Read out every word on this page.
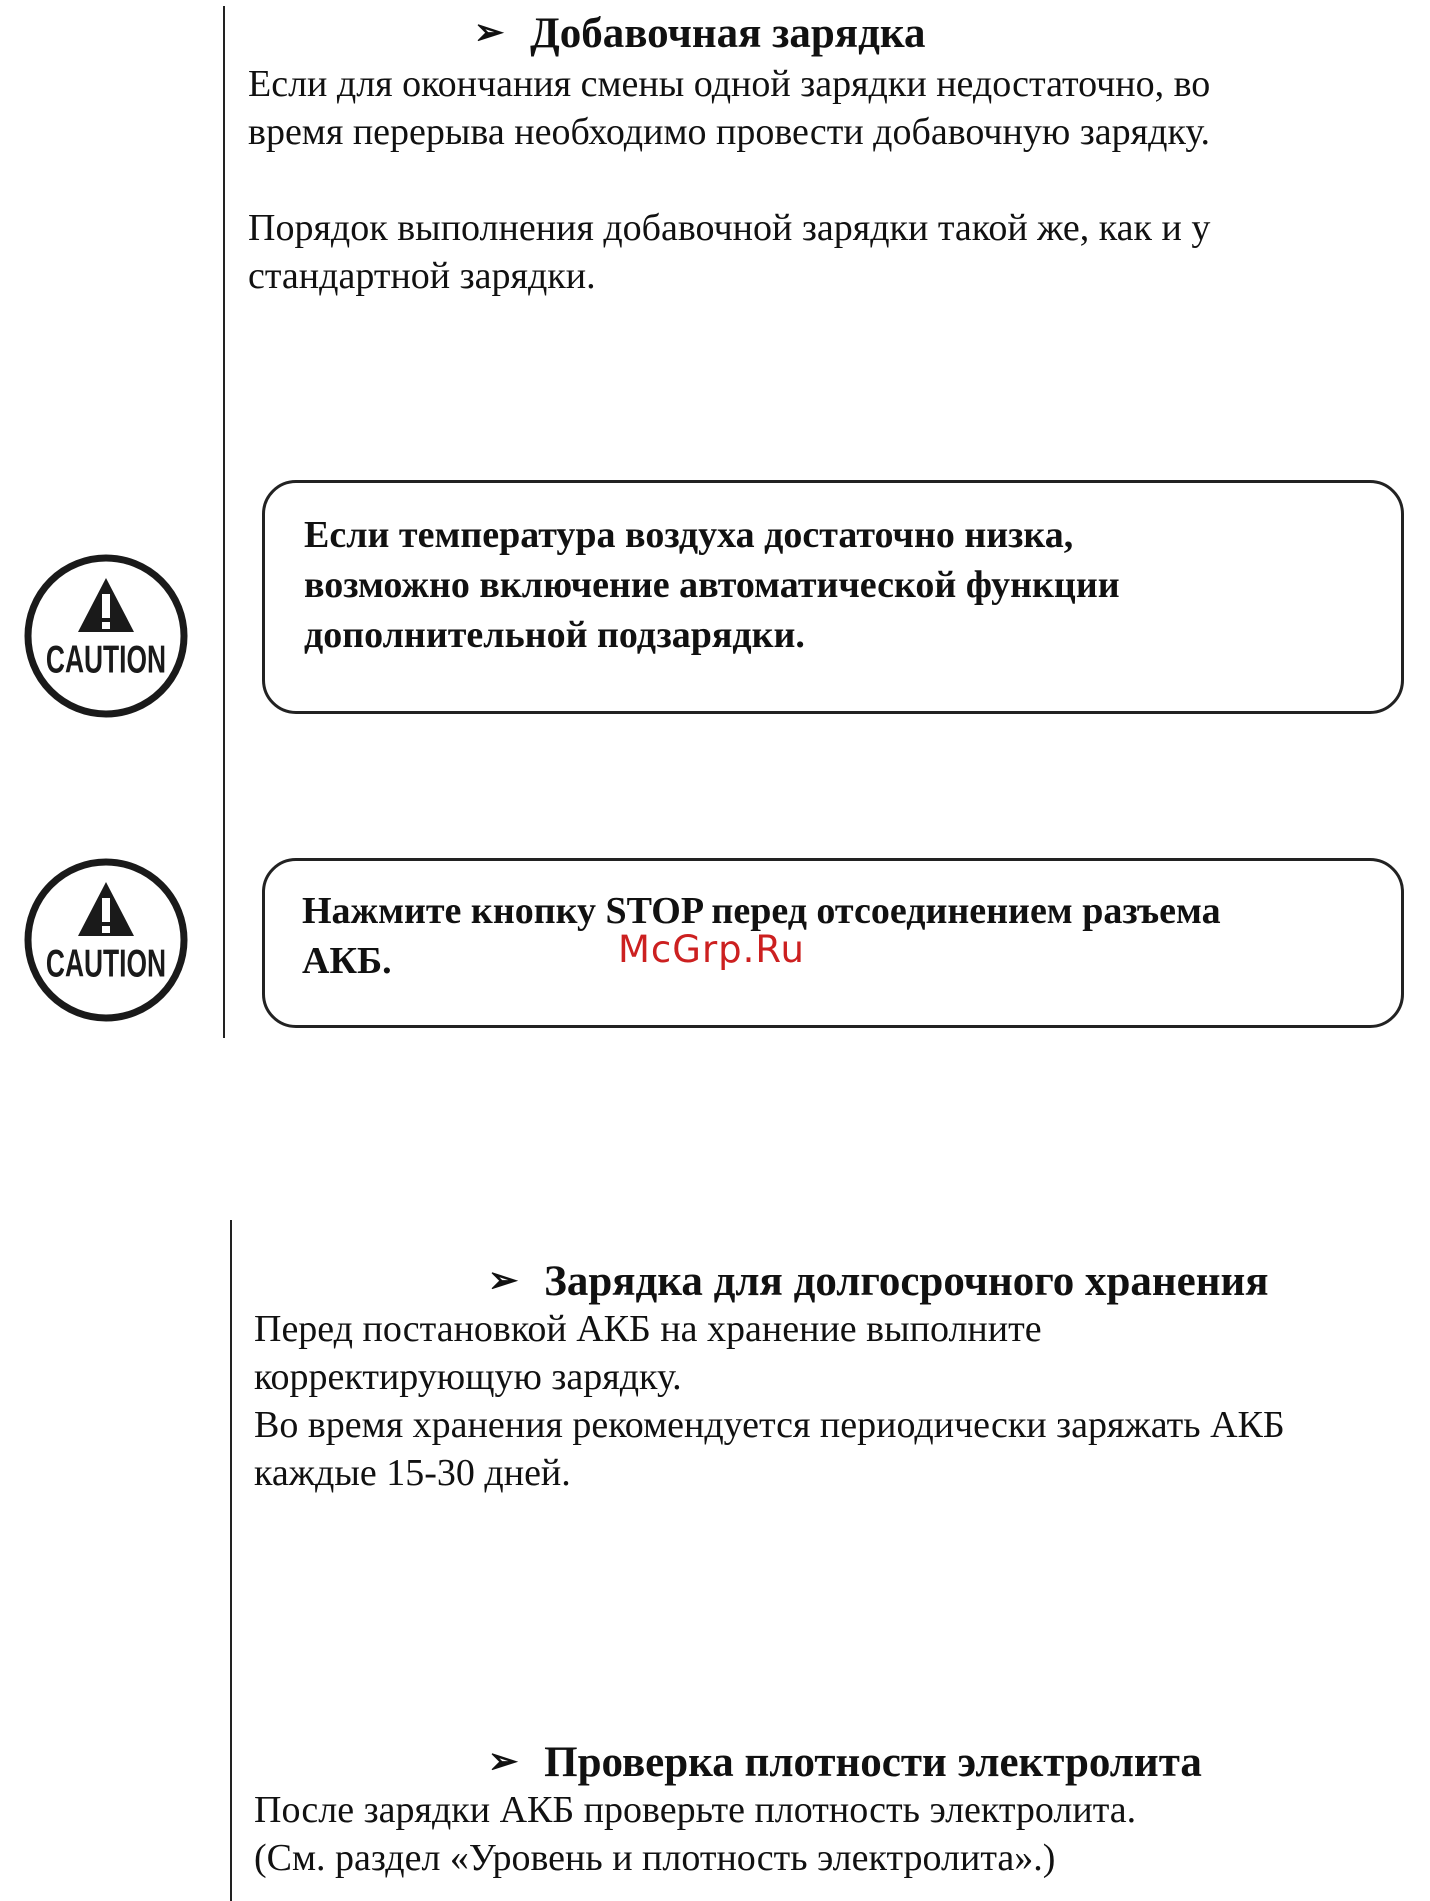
➢ Добавочная зарядка
Если для окончания смены одной зарядки недостаточно, во
время перерыва необходимо провести добавочную зарядку.
Порядок выполнения добавочной зарядки такой же, как и у
стандартной зарядки.
CAUTION
Если температура воздуха достаточно низка,
возможно включение автоматической функции
дополнительной подзарядки.
CAUTION
Нажмите кнопку STOP перед отсоединением разъема
АКБ.	McGrp.Ru
➢ Зарядка для долгосрочного хранения
Перед постановкой АКБ на хранение выполните
корректирующую зарядку.
Во время хранения рекомендуется периодически заряжать АКБ
каждые 15-30 дней.
➢ Проверка плотности электролита
После зарядки АКБ проверьте плотность электролита.
(См. раздел «Уровень и плотность электролита».)
